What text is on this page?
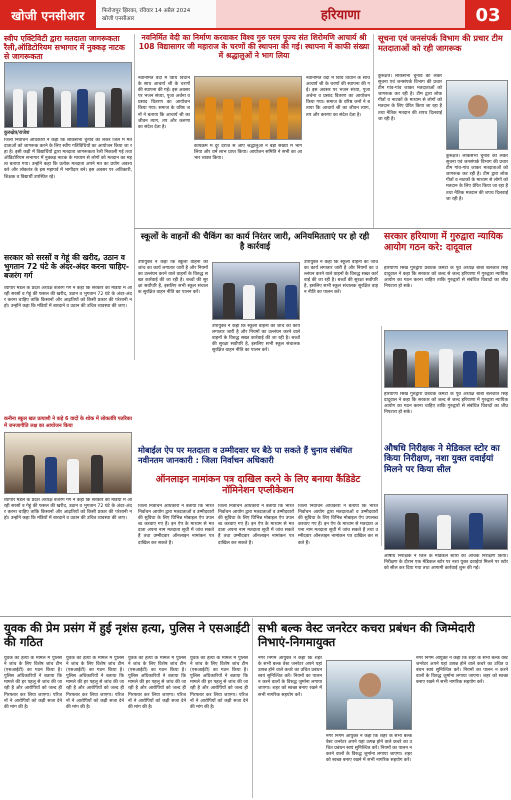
खोजी एनसीआर	फिरोजपुर झिरका, रविवार 14 अप्रैल 2024
खोजी एनसीआर	हरियाणा	03
स्वीप एक्टिविटी द्वारा मतदाता जागरूकता रैली,ऑडिटोरियम सभागार में नुक्कड़ नाटक से जागरूकता
कुरुक्षेत्र/राजेश
जिला निर्वाचन अधिकारी ने कहा कि लोकसभा चुनाव को लेकर जिले में मतदाताओं को जागरूक करने के लिए स्वीप गतिविधियों का आयोजन किया जा रहा है। इसी कड़ी में विद्यार्थियों द्वारा मतदाता जागरूकता रैली निकाली गई तथा ऑडिटोरियम सभागार में नुक्कड़ नाटक के माध्यम से लोगों को मतदान का महत्व बताया गया। उन्होंने कहा कि प्रत्येक मतदाता अपने मत का प्रयोग अवश्य करे और लोकतंत्र के इस महापर्व में भागीदार बने। इस अवसर पर अधिकारी, शिक्षक व विद्यार्थी उपस्थित रहे।
सरकार को सरसों व गेहूं की खरीद, उठान व भुगतान 72 घंटे के अंदर-अंदर करना चाहिए- बजरंग गर्ग
व्यापार मंडल के प्रदेश अध्यक्ष बजरंग गर्ग ने कहा कि सरकार को मंडियों में आ रही सरसों व गेहूं की फसल की खरीद, उठान व भुगतान 72 घंटे के अंदर-अंदर करना चाहिए ताकि किसानों और आढ़तियों को किसी प्रकार की परेशानी न हो। उन्होंने कहा कि मंडियों में बारदाने व उठान की उचित व्यवस्था की जाए।
कनीना स्कूल खत प्रत्याशी ने कहे 6 वादों के शोक में लोकतंत्रि पतरिका में जनजागीति लक्ष का आयोजन किया
व्यापार मंडल के प्रदेश अध्यक्ष बजरंग गर्ग ने कहा कि सरकार को मंडियों में आ रही सरसों व गेहूं की फसल की खरीद, उठान व भुगतान 72 घंटे के अंदर-अंदर करना चाहिए ताकि किसानों और आढ़तियों को किसी प्रकार की परेशानी न हो। उन्होंने कहा कि मंडियों में बारदाने व उठान की उचित व्यवस्था की जाए।
नवनिर्मित वेदी का निर्माण करवाकर विश्व गुरु परम पूज्य संत शिरोमणि आचार्य श्री 108 विद्यासागर जी महाराज के चरणों की स्थापना की गई। स्थापना में काफी संख्या में श्रद्धालुओं ने भाग लिया
नवनिर्मित वेदी में विधि विधान के साथ आचार्य श्री के चरणों की स्थापना की गई। इस अवसर पर भजन संध्या, पूजा अर्चना व प्रसाद वितरण का आयोजन किया गया। समाज के वरिष्ठ जनों ने बताया कि आचार्य श्री का जीवन त्याग, तप और करुणा का संदेश देता है।
कार्यक्रम में दूर दराज से आए श्रद्धालुओं ने बड़ी संख्या में भाग लिया और धर्म लाभ प्राप्त किया। आयोजन समिति ने सभी का आभार व्यक्त किया।
नवनिर्मित वेदी में विधि विधान के साथ आचार्य श्री के चरणों की स्थापना की गई। इस अवसर पर भजन संध्या, पूजा अर्चना व प्रसाद वितरण का आयोजन किया गया। समाज के वरिष्ठ जनों ने बताया कि आचार्य श्री का जीवन त्याग, तप और करुणा का संदेश देता है।
सूचना एवं जनसंपर्क विभाग की प्रचार टीम मतदाताओं को रही जागरूक
कुरुक्षेत्र। लोकसभा चुनाव को लेकर सूचना एवं जनसंपर्क विभाग की प्रचार टीम गांव-गांव जाकर मतदाताओं को जागरूक कर रही है। टीम द्वारा लोकगीतों व नाटकों के माध्यम से लोगों को मतदान के लिए प्रेरित किया जा रहा है तथा नैतिक मतदान की शपथ दिलवाई जा रही है।
कुरुक्षेत्र। लोकसभा चुनाव को लेकर सूचना एवं जनसंपर्क विभाग की प्रचार टीम गांव-गांव जाकर मतदाताओं को जागरूक कर रही है। टीम द्वारा लोकगीतों व नाटकों के माध्यम से लोगों को मतदान के लिए प्रेरित किया जा रहा है तथा नैतिक मतदान की शपथ दिलवाई जा रही है।
स्कूलों के वाहनों की चैकिंग का कार्य निरंतर जारी, अनियमितताएं पर हो रही है कार्रवाई
उपायुक्त ने कहा कि स्कूली वाहनों की जांच का कार्य लगातार जारी है और नियमों का उल्लंघन करने वाले वाहनों के विरुद्ध सख्त कार्रवाई की जा रही है। बच्चों की सुरक्षा सर्वोपरि है, इसलिए सभी स्कूल संचालक सुरक्षित वाहन नीति का पालन करें।
उपायुक्त ने कहा कि स्कूली वाहनों की जांच का कार्य लगातार जारी है और नियमों का उल्लंघन करने वाले वाहनों के विरुद्ध सख्त कार्रवाई की जा रही है। बच्चों की सुरक्षा सर्वोपरि है, इसलिए सभी स्कूल संचालक सुरक्षित वाहन नीति का पालन करें।
उपायुक्त ने कहा कि स्कूली वाहनों की जांच का कार्य लगातार जारी है और नियमों का उल्लंघन करने वाले वाहनों के विरुद्ध सख्त कार्रवाई की जा रही है। बच्चों की सुरक्षा सर्वोपरि है, इसलिए सभी स्कूल संचालक सुरक्षित वाहन नीति का पालन करें।
सरकार हरियाणा में गुरुद्वारा न्यायिक आयोग गठन करे: दादूवाल
हरियाणा सिख गुरुद्वारा प्रबंधक कमेटी के पूर्व अध्यक्ष बाबा बलजीत सिंह दादूवाल ने कहा कि सरकार को जल्द से जल्द हरियाणा में गुरुद्वारा न्यायिक आयोग का गठन करना चाहिए ताकि गुरुद्वारों से संबंधित विवादों का शीघ्र निपटारा हो सके।
हरियाणा सिख गुरुद्वारा प्रबंधक कमेटी के पूर्व अध्यक्ष बाबा बलजीत सिंह दादूवाल ने कहा कि सरकार को जल्द से जल्द हरियाणा में गुरुद्वारा न्यायिक आयोग का गठन करना चाहिए ताकि गुरुद्वारों से संबंधित विवादों का शीघ्र निपटारा हो सके।
मोबाईल ऐप पर मतदाता व उम्मीदवार घर बैठे पा सकते हैं चुनाव संबंधित नवीनतम जानकारी : जिला निर्वाचन अधिकारी
ऑनलाइन नामांकन पत्र दाखिल करने के लिए बनाया कैंडिडेट नॉमिनेशन एप्लीकेशन
जिला निर्वाचन अधिकारी ने बताया कि भारत निर्वाचन आयोग द्वारा मतदाताओं व उम्मीदवारों की सुविधा के लिए विभिन्न मोबाइल ऐप उपलब्ध करवाए गए हैं। इन ऐप के माध्यम से मतदाता अपना नाम मतदाता सूची में जांच सकते हैं तथा उम्मीदवार ऑनलाइन नामांकन पत्र दाखिल कर सकते हैं।
जिला निर्वाचन अधिकारी ने बताया कि भारत निर्वाचन आयोग द्वारा मतदाताओं व उम्मीदवारों की सुविधा के लिए विभिन्न मोबाइल ऐप उपलब्ध करवाए गए हैं। इन ऐप के माध्यम से मतदाता अपना नाम मतदाता सूची में जांच सकते हैं तथा उम्मीदवार ऑनलाइन नामांकन पत्र दाखिल कर सकते हैं।
जिला निर्वाचन अधिकारी ने बताया कि भारत निर्वाचन आयोग द्वारा मतदाताओं व उम्मीदवारों की सुविधा के लिए विभिन्न मोबाइल ऐप उपलब्ध करवाए गए हैं। इन ऐप के माध्यम से मतदाता अपना नाम मतदाता सूची में जांच सकते हैं तथा उम्मीदवार ऑनलाइन नामांकन पत्र दाखिल कर सकते हैं।
औषधि निरीक्षक ने मेडिकल स्टोर का किया निरीक्षण, नशा युक्त दवाईयां मिलने पर किया सील
औषधि निरीक्षक ने जिले के मेडिकल स्टोरों का औचक निरीक्षण किया। निरीक्षण के दौरान एक मेडिकल स्टोर पर नशा युक्त दवाईयां मिलने पर स्टोर को सील कर दिया गया तथा आगामी कार्रवाई शुरू की गई।
युवक की प्रेम प्रसंग में हुई नृशंस हत्या, पुलिस ने एसआईटी की गठित
युवक की हत्या के मामले में पुलिस ने जांच के लिए विशेष जांच टीम (एसआईटी) का गठन किया है। पुलिस अधिकारियों ने बताया कि मामले की हर पहलू से जांच की जा रही है और आरोपियों को जल्द ही गिरफ्तार कर लिया जाएगा। परिजनों ने आरोपियों को कड़ी सजा देने की मांग की है।
युवक की हत्या के मामले में पुलिस ने जांच के लिए विशेष जांच टीम (एसआईटी) का गठन किया है। पुलिस अधिकारियों ने बताया कि मामले की हर पहलू से जांच की जा रही है और आरोपियों को जल्द ही गिरफ्तार कर लिया जाएगा। परिजनों ने आरोपियों को कड़ी सजा देने की मांग की है।
युवक की हत्या के मामले में पुलिस ने जांच के लिए विशेष जांच टीम (एसआईटी) का गठन किया है। पुलिस अधिकारियों ने बताया कि मामले की हर पहलू से जांच की जा रही है और आरोपियों को जल्द ही गिरफ्तार कर लिया जाएगा। परिजनों ने आरोपियों को कड़ी सजा देने की मांग की है।
युवक की हत्या के मामले में पुलिस ने जांच के लिए विशेष जांच टीम (एसआईटी) का गठन किया है। पुलिस अधिकारियों ने बताया कि मामले की हर पहलू से जांच की जा रही है और आरोपियों को जल्द ही गिरफ्तार कर लिया जाएगा। परिजनों ने आरोपियों को कड़ी सजा देने की मांग की है।
सभी बल्क वेस्ट जनरेटर कचरा प्रबंधन की जिम्मेदारी निभाएं-निगमायुक्त
नगर निगम आयुक्त ने कहा कि शहर के सभी बल्क वेस्ट जनरेटर अपने यहां उत्पन्न होने वाले कचरे का उचित प्रबंधन स्वयं सुनिश्चित करें। नियमों का पालन न करने वालों के विरुद्ध जुर्माना लगाया जाएगा। शहर को स्वच्छ बनाए रखने में सभी नागरिक सहयोग करें।
नगर निगम आयुक्त ने कहा कि शहर के सभी बल्क वेस्ट जनरेटर अपने यहां उत्पन्न होने वाले कचरे का उचित प्रबंधन स्वयं सुनिश्चित करें। नियमों का पालन न करने वालों के विरुद्ध जुर्माना लगाया जाएगा। शहर को स्वच्छ बनाए रखने में सभी नागरिक सहयोग करें।
नगर निगम आयुक्त ने कहा कि शहर के सभी बल्क वेस्ट जनरेटर अपने यहां उत्पन्न होने वाले कचरे का उचित प्रबंधन स्वयं सुनिश्चित करें। नियमों का पालन न करने वालों के विरुद्ध जुर्माना लगाया जाएगा। शहर को स्वच्छ बनाए रखने में सभी नागरिक सहयोग करें।
